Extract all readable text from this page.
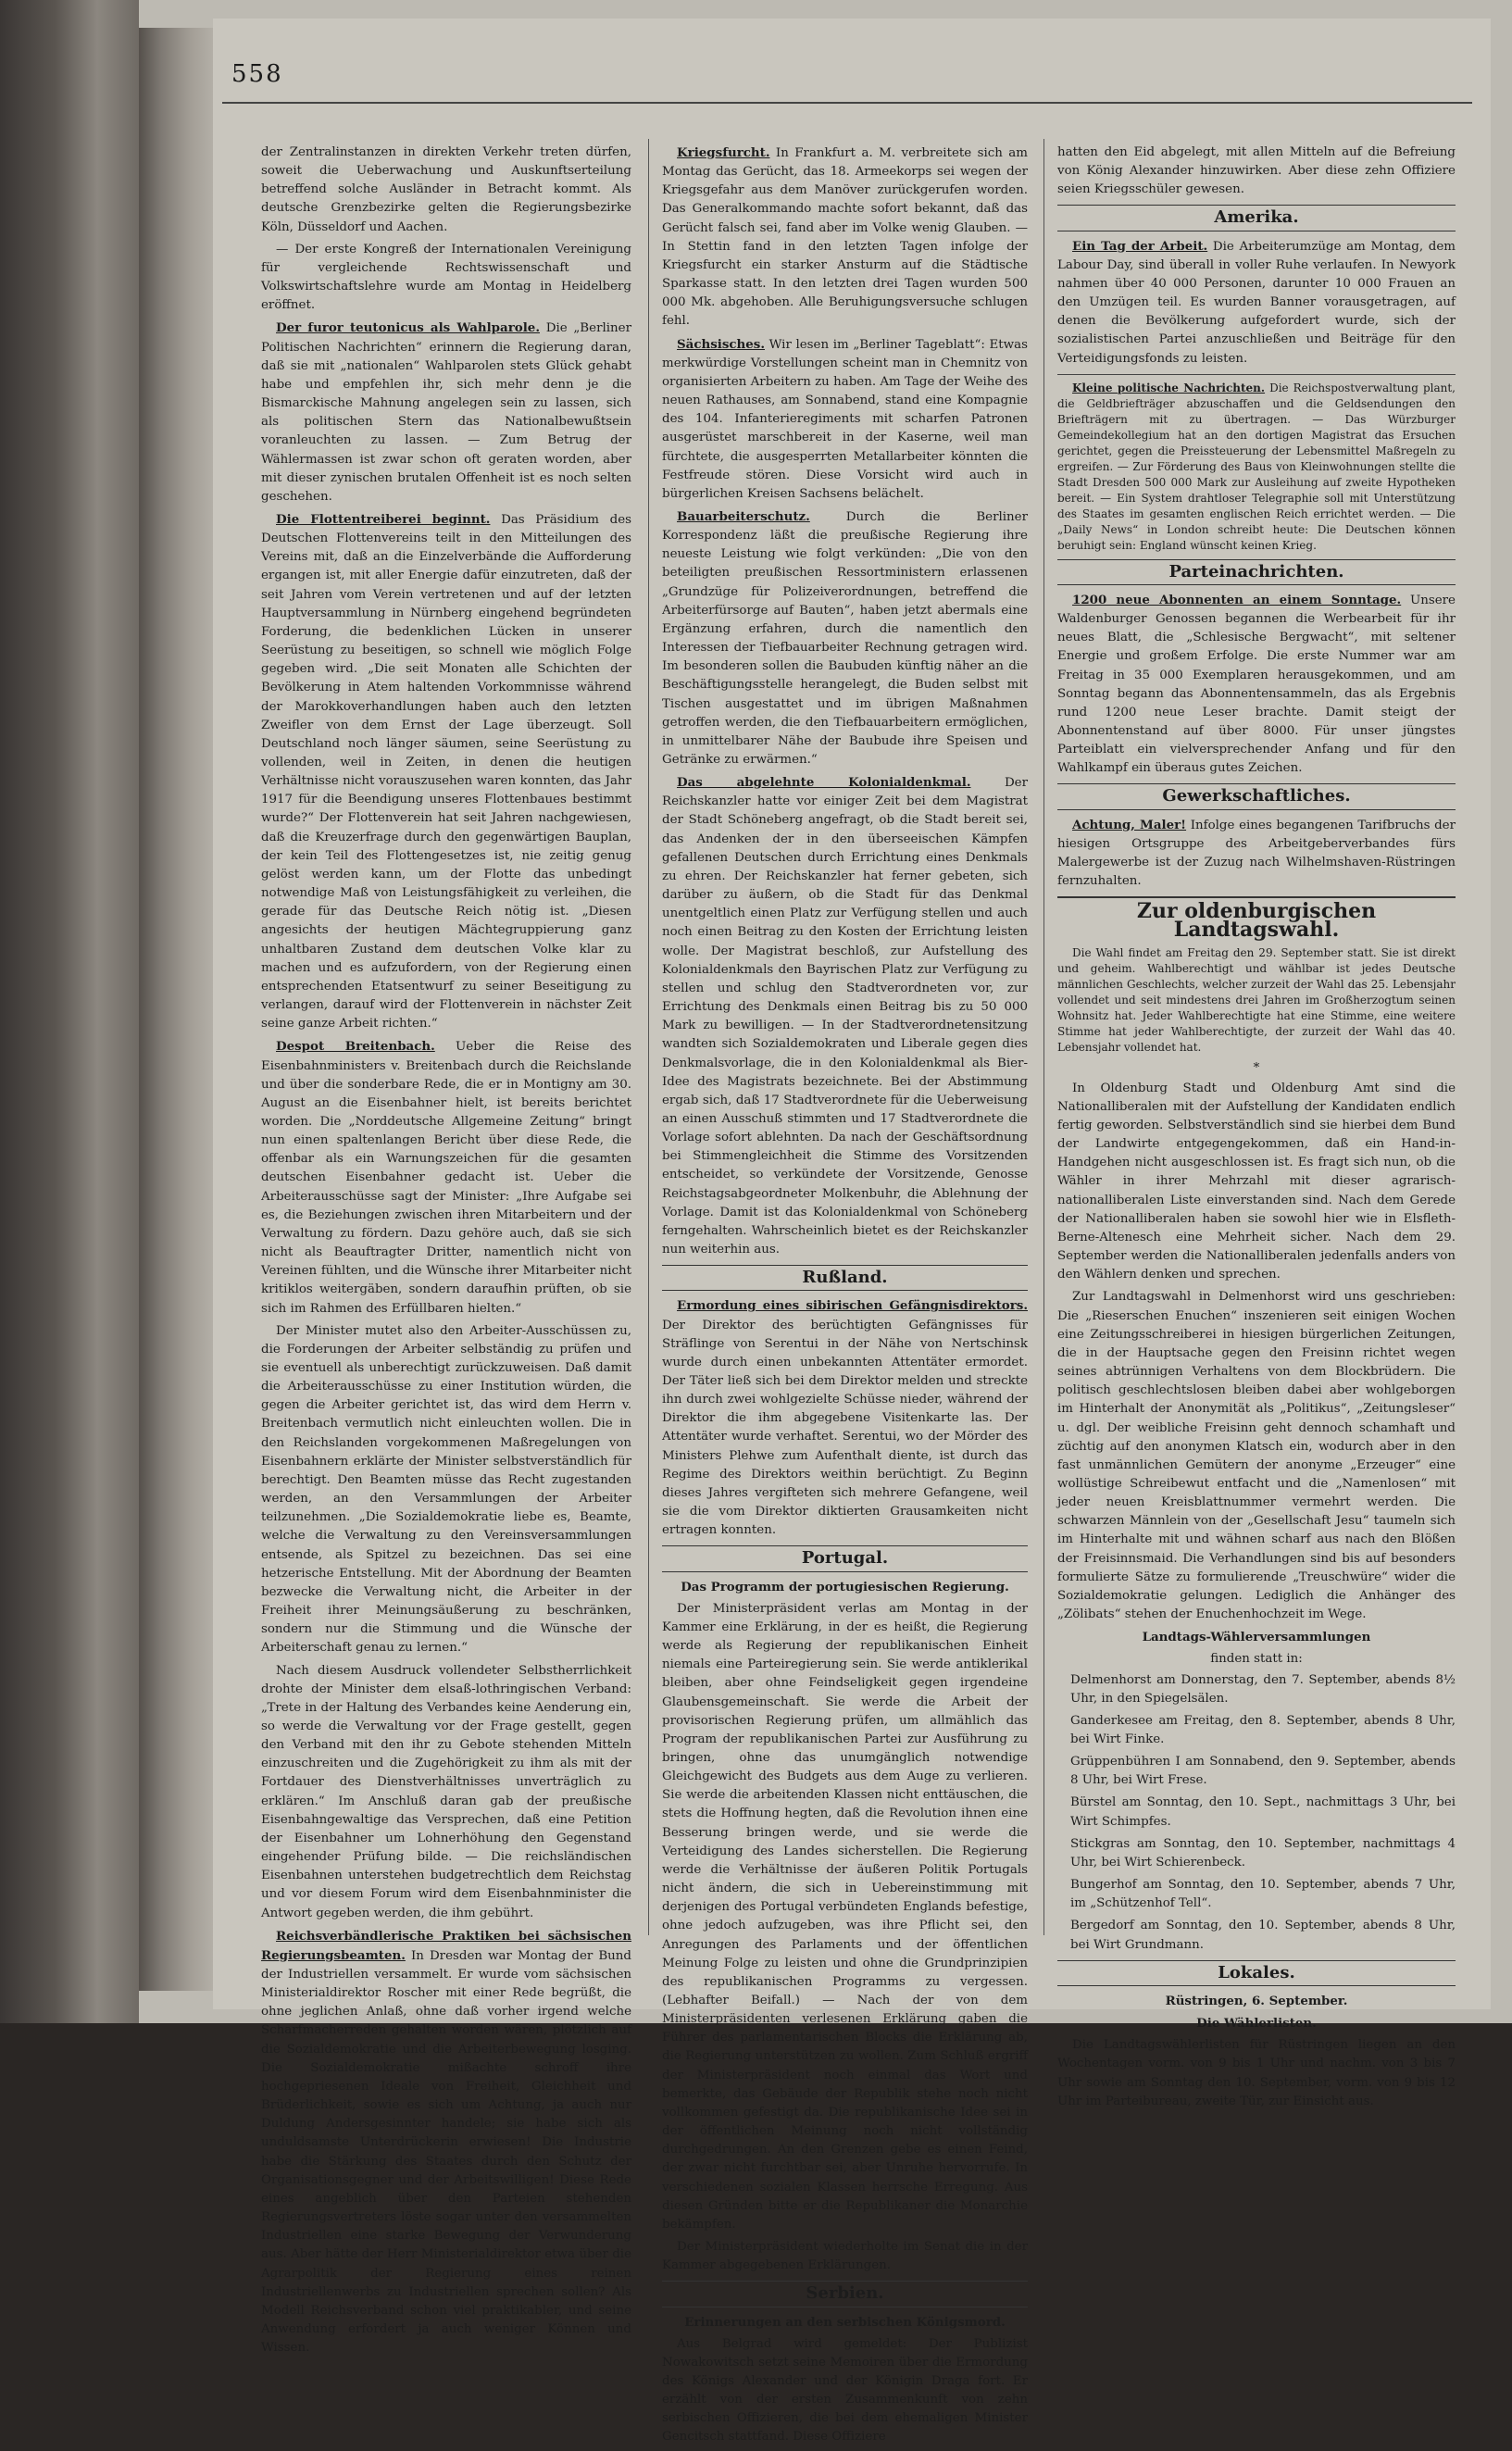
558

der Zentralinstanzen in direkten Verkehr treten dürfen, soweit die Ueberwachung und Auskunftserteilung betreffend solche Ausländer in Betracht kommt. Als deutsche Grenzbezirke gelten die Regierungsbezirke Köln, Düsseldorf und Aachen.

— Der erste Kongreß der Internationalen Vereinigung für vergleichende Rechtswissenschaft und Volkswirtschaftslehre wurde am Montag in Heidelberg eröffnet.

Der furor teutonicus als Wahlparole. Die „Berliner Politischen Nachrichten“ erinnern die Regierung daran, daß sie mit „nationalen“ Wahlparolen stets Glück gehabt habe und empfehlen ihr, sich mehr denn je die Bismarckische Mahnung angelegen sein zu lassen, sich als politischen Stern das Nationalbewußtsein voranleuchten zu lassen. — Zum Betrug der Wählermassen ist zwar schon oft geraten worden, aber mit dieser zynischen brutalen Offenheit ist es noch selten geschehen.

Die Flottentreiberei beginnt. Das Präsidium des Deutschen Flottenvereins teilt in den Mitteilungen des Vereins mit, daß an die Einzelverbände die Aufforderung ergangen ist, mit aller Energie dafür einzutreten, daß der seit Jahren vom Verein vertretenen und auf der letzten Hauptversammlung in Nürnberg eingehend begründeten Forderung, die bedenklichen Lücken in unserer Seerüstung zu beseitigen, so schnell wie möglich Folge gegeben wird. „Die seit Monaten alle Schichten der Bevölkerung in Atem haltenden Vorkommnisse während der Marokkoverhandlungen haben auch den letzten Zweifler von dem Ernst der Lage überzeugt. Soll Deutschland noch länger säumen, seine Seerüstung zu vollenden, weil in Zeiten, in denen die heutigen Verhältnisse nicht vorauszusehen waren konnten, das Jahr 1917 für die Beendigung unseres Flottenbaues bestimmt wurde?“ Der Flottenverein hat seit Jahren nachgewiesen, daß die Kreuzerfrage durch den gegenwärtigen Bauplan, der kein Teil des Flottengesetzes ist, nie zeitig genug gelöst werden kann, um der Flotte das unbedingt notwendige Maß von Leistungsfähigkeit zu verleihen, die gerade für das Deutsche Reich nötig ist. „Diesen angesichts der heutigen Mächtegruppierung ganz unhaltbaren Zustand dem deutschen Volke klar zu machen und es aufzufordern, von der Regierung einen entsprechenden Etatsentwurf zu seiner Beseitigung zu verlangen, darauf wird der Flottenverein in nächster Zeit seine ganze Arbeit richten.“

Despot Breitenbach. Ueber die Reise des Eisenbahnministers v. Breitenbach durch die Reichslande und über die sonderbare Rede, die er in Montigny am 30. August an die Eisenbahner hielt, ist bereits berichtet worden. Die „Norddeutsche Allgemeine Zeitung“ bringt nun einen spaltenlangen Bericht über diese Rede, die offenbar als ein Warnungszeichen für die gesamten deutschen Eisenbahner gedacht ist. Ueber die Arbeiterausschüsse sagt der Minister: „Ihre Aufgabe sei es, die Beziehungen zwischen ihren Mitarbeitern und der Verwaltung zu fördern. Dazu gehöre auch, daß sie sich nicht als Beauftragter Dritter, namentlich nicht von Vereinen fühlten, und die Wünsche ihrer Mitarbeiter nicht kritiklos weitergäben, sondern daraufhin prüften, ob sie sich im Rahmen des Erfüllbaren hielten.“

Der Minister mutet also den Arbeiter-Ausschüssen zu, die Forderungen der Arbeiter selbständig zu prüfen und sie eventuell als unberechtigt zurückzuweisen. Daß damit die Arbeiterausschüsse zu einer Institution würden, die gegen die Arbeiter gerichtet ist, das wird dem Herrn v. Breitenbach vermutlich nicht einleuchten wollen. Die in den Reichslanden vorgekommenen Maßregelungen von Eisenbahnern erklärte der Minister selbstverständlich für berechtigt. Den Beamten müsse das Recht zugestanden werden, an den Versammlungen der Arbeiter teilzunehmen. „Die Sozialdemokratie liebe es, Beamte, welche die Verwaltung zu den Vereinsversammlungen entsende, als Spitzel zu bezeichnen. Das sei eine hetzerische Entstellung. Mit der Abordnung der Beamten bezwecke die Verwaltung nicht, die Arbeiter in der Freiheit ihrer Meinungsäußerung zu beschränken, sondern nur die Stimmung und die Wünsche der Arbeiterschaft genau zu lernen.“

Nach diesem Ausdruck vollendeter Selbstherrlichkeit drohte der Minister dem elsaß-lothringischen Verband: „Trete in der Haltung des Verbandes keine Aenderung ein, so werde die Verwaltung vor der Frage gestellt, gegen den Verband mit den ihr zu Gebote stehenden Mitteln einzuschreiten und die Zugehörigkeit zu ihm als mit der Fortdauer des Dienstverhältnisses unverträglich zu erklären.“ Im Anschluß daran gab der preußische Eisenbahngewaltige das Versprechen, daß eine Petition der Eisenbahner um Lohnerhöhung den Gegenstand eingehender Prüfung bilde. — Die reichsländischen Eisenbahnen unterstehen budgetrechtlich dem Reichstag und vor diesem Forum wird dem Eisenbahnminister die Antwort gegeben werden, die ihm gebührt.

Reichsverbändlerische Praktiken bei sächsischen Regierungsbeamten. In Dresden war Montag der Bund der Industriellen versammelt. Er wurde vom sächsischen Ministerialdirektor Roscher mit einer Rede begrüßt, die ohne jeglichen Anlaß, ohne daß vorher irgend welche Scharfmacherreden gehalten worden wären, plötzlich auf die Sozialdemokratie und die Arbeiterbewegung losging. Die Sozialdemokratie mißachte schroff ihre hochgepriesenen Ideale von Freiheit, Gleichheit und Brüderlichkeit, sowie es sich um Achtung, ja auch nur Duldung Andersgesinnter handele; sie habe sich als unduldsamste Unterdrückerin erwiesen! Die Industrie habe die Stärkung des Staates durch den Schutz der Organisationsgegner und der Arbeitswilligen! Diese Rede eines angeblich über den Parteien stehenden Regierungsvertreters löste sogar unter den versammelten Industriellen eine starke Bewegung der Verwunderung aus. Aber hätte der Herr Ministerialdirektor etwa über die Agrarpolitik der Regierung eines reinen Industriellenwerbs zu Industriellen sprechen sollen? Als Modell Reichsverband schon viel praktikabler, und seine Anwendung erfordert ja auch weniger Können und Wissen.

Kriegsfurcht. In Frankfurt a. M. verbreitete sich am Montag das Gerücht, das 18. Armeekorps sei wegen der Kriegsgefahr aus dem Manöver zurückgerufen worden. Das Generalkommando machte sofort bekannt, daß das Gerücht falsch sei, fand aber im Volke wenig Glauben. — In Stettin fand in den letzten Tagen infolge der Kriegsfurcht ein starker Ansturm auf die Städtische Sparkasse statt. In den letzten drei Tagen wurden 500 000 Mk. abgehoben. Alle Beruhigungsversuche schlugen fehl.

Sächsisches. Wir lesen im „Berliner Tageblatt“: Etwas merkwürdige Vorstellungen scheint man in Chemnitz von organisierten Arbeitern zu haben. Am Tage der Weihe des neuen Rathauses, am Sonnabend, stand eine Kompagnie des 104. Infanterieregiments mit scharfen Patronen ausgerüstet marschbereit in der Kaserne, weil man fürchtete, die ausgesperrten Metallarbeiter könnten die Festfreude stören. Diese Vorsicht wird auch in bürgerlichen Kreisen Sachsens belächelt.

Bauarbeiterschutz.	Durch die Berliner Korrespondenz läßt die preußische Regierung ihre neueste Leistung wie folgt verkünden: „Die von den beteiligten preußischen Ressortministern erlassenen „Grundzüge für Polizeiverordnungen, betreffend die Arbeiterfürsorge auf Bauten“, haben jetzt abermals eine Ergänzung erfahren, durch die namentlich den Interessen der Tiefbauarbeiter Rechnung getragen wird. Im besonderen sollen die Baubuden künftig näher an die Beschäftigungsstelle herangelegt, die Buden selbst mit Tischen ausgestattet und im übrigen Maßnahmen getroffen werden, die den Tiefbauarbeitern ermöglichen, in unmittelbarer Nähe der Baubude ihre Speisen und Getränke zu erwärmen.“

Das abgelehnte Kolonialdenkmal.	Der Reichskanzler hatte vor einiger Zeit bei dem Magistrat der Stadt Schöneberg angefragt, ob die Stadt bereit sei, das Andenken der in den überseeischen Kämpfen gefallenen Deutschen durch Errichtung eines Denkmals zu ehren. Der Reichskanzler hat ferner gebeten, sich darüber zu äußern, ob die Stadt für das Denkmal unentgeltlich einen Platz zur Verfügung stellen und auch noch einen Beitrag zu den Kosten der Errichtung leisten wolle. Der Magistrat beschloß, zur Aufstellung des Kolonialdenkmals den Bayrischen Platz zur Verfügung zu stellen und schlug den Stadtverordneten vor, zur Errichtung des Denkmals einen Beitrag bis zu 50 000 Mark zu bewilligen. — In der Stadtverordnetensitzung wandten sich Sozialdemokraten und Liberale gegen dies Denkmalsvorlage, die in den Kolonialdenkmal als Bier-Idee des Magistrats bezeichnete. Bei der Abstimmung ergab sich, daß 17 Stadtverordnete für die Ueberweisung an einen Ausschuß stimmten und 17 Stadtverordnete die Vorlage sofort ablehnten. Da nach der Geschäftsordnung bei Stimmengleichheit die Stimme des Vorsitzenden entscheidet, so verkündete der Vorsitzende, Genosse Reichstagsabgeordneter Molkenbuhr, die Ablehnung der Vorlage. Damit ist das Kolonialdenkmal von Schöneberg ferngehalten. Wahrscheinlich bietet es der Reichskanzler nun weiterhin aus.

Rußland.

Ermordung eines sibirischen Gefängnisdirektors. Der Direktor des berüchtigten Gefängnisses für Sträflinge von Serentui in der Nähe von Nertschinsk wurde durch einen unbekannten Attentäter ermordet. Der Täter ließ sich bei dem Direktor melden und streckte ihn durch zwei wohlgezielte Schüsse nieder, während der Direktor die ihm abgegebene Visitenkarte las. Der Attentäter wurde verhaftet. Serentui, wo der Mörder des Ministers Plehwe zum Aufenthalt diente, ist durch das Regime des Direktors weithin berüchtigt. Zu Beginn dieses Jahres vergifteten sich mehrere Gefangene, weil sie die vom Direktor diktierten Grausamkeiten nicht ertragen konnten.

Portugal.
Das Programm der portugiesischen Regierung.

Der Ministerpräsident verlas am Montag in der Kammer eine Erklärung, in der es heißt, die Regierung werde als Regierung der republikanischen Einheit niemals eine Parteiregierung sein. Sie werde antiklerikal bleiben, aber ohne Feindseligkeit gegen irgendeine Glaubensgemeinschaft. Sie werde die Arbeit der provisorischen Regierung prüfen, um allmählich das Program der republikanischen Partei zur Ausführung zu bringen, ohne das unumgänglich notwendige Gleichgewicht des Budgets aus dem Auge zu verlieren. Sie werde die arbeitenden Klassen nicht enttäuschen, die stets die Hoffnung hegten, daß die Revolution ihnen eine Besserung bringen werde, und sie werde die Verteidigung des Landes sicherstellen. Die Regierung werde die Verhältnisse der äußeren Politik Portugals nicht ändern, die sich in Uebereinstimmung mit derjenigen des Portugal verbündeten Englands befestige, ohne jedoch aufzugeben, was ihre Pflicht sei, den Anregungen des Parlaments und der öffentlichen Meinung Folge zu leisten und ohne die Grundprinzipien des republikanischen Programms zu vergessen. (Lebhafter Beifall.) — Nach der von dem Ministerpräsidenten verlesenen Erklärung gaben die Führer des parlamentarischen Blocks die Erklärung ab, die Regierung unterstützen zu wollen. Zum Schluß ergriff der Ministerpräsident noch einmal das Wort und bemerkte, das Gebäude der Republik stehe noch nicht vollkommen gefestigt da. Die republikanische Idee sei in der öffentlichen Meinung noch nicht vollständig durchgedrungen. An den Grenzen gebe es einen Feind, der zwar nicht furchtbar sei, aber Unruhe hervorrufe. In verschiedenen sozialen Klassen herrsche Erregung. Aus diesen Gründen bitte er die Republikaner die Monarchie bekämpfen.

Der Ministerpräsident wiederholte im Senat die in der Kammer abgegebenen Erklärungen.

Serbien.
Erinnerungen an den serbischen Königsmord.

Aus Belgrad wird gemeldet: Der Publizist Nowakowitsch setzt seine Memoiren über die Ermordung des Königs Alexander und der Königin Draga fort. Er erzählt von der ersten Zusammenkunft von zehn serbischen Offizieren, die bei dem ehemaligen Minister Gencitsch stattfand. Diese Offiziere

hatten den Eid abgelegt, mit allen Mitteln auf die Befreiung von König Alexander hinzuwirken. Aber diese zehn Offiziere seien Kriegsschüler gewesen.

Amerika.

Ein Tag der Arbeit. Die Arbeiterumzüge am Montag, dem Labour Day, sind überall in voller Ruhe verlaufen. In Newyork nahmen über 40 000 Personen, darunter 10 000 Frauen an den Umzügen teil. Es wurden Banner vorausgetragen, auf denen die Bevölkerung aufgefordert wurde, sich der sozialistischen Partei anzuschließen und Beiträge für den Verteidigungsfonds zu leisten.

Kleine politische Nachrichten. Die Reichspostverwaltung plant, die Geldbriefträger abzuschaffen und die Geldsendungen den Briefträgern mit zu übertragen. — Das Würzburger Gemeindekollegium hat an den dortigen Magistrat das Ersuchen gerichtet, gegen die Preissteuerung der Lebensmittel Maßregeln zu ergreifen. — Zur Förderung des Baus von Kleinwohnungen stellte die Stadt Dresden 500 000 Mark zur Ausleihung auf zweite Hypotheken bereit. — Ein System drahtloser Telegraphie soll mit Unterstützung des Staates im gesamten englischen Reich errichtet werden. — Die „Daily News“ in London schreibt heute: Die Deutschen können beruhigt sein: England wünscht keinen Krieg.

Parteinachrichten.

1200 neue Abonnenten an einem Sonntage. Unsere Waldenburger Genossen begannen die Werbearbeit für ihr neues Blatt, die „Schlesische Bergwacht“, mit seltener Energie und großem Erfolge. Die erste Nummer war am Freitag in 35 000 Exemplaren herausgekommen, und am Sonntag begann das Abonnentensammeln, das als Ergebnis rund 1200 neue Leser brachte. Damit steigt der Abonnentenstand auf über 8000. Für unser jüngstes Parteiblatt ein vielversprechender Anfang und für den Wahlkampf ein überaus gutes Zeichen.

Gewerkschaftliches.

Achtung, Maler! Infolge eines begangenen Tarifbruchs der hiesigen Ortsgruppe des Arbeitgeberverbandes fürs Malergewerbe ist der Zuzug nach Wilhelmshaven-Rüstringen fernzuhalten.

Zur oldenburgischen Landtagswahl.

Die Wahl findet am Freitag den 29. September statt. Sie ist direkt und geheim. Wahlberechtigt und wählbar ist jedes Deutsche männlichen Geschlechts, welcher zurzeit der Wahl das 25. Lebensjahr vollendet und seit mindestens drei Jahren im Großherzogtum seinen Wohnsitz hat. Jeder Wahlberechtigte hat eine Stimme, eine weitere Stimme hat jeder Wahlberechtigte, der zurzeit der Wahl das 40. Lebensjahr vollendet hat.

*

In Oldenburg Stadt und Oldenburg Amt sind die Nationalliberalen mit der Aufstellung der Kandidaten endlich fertig geworden. Selbstverständlich sind sie hierbei dem Bund der Landwirte entgegengekommen, daß ein Hand-in-Handgehen nicht ausgeschlossen ist. Es fragt sich nun, ob die Wähler in ihrer Mehrzahl mit dieser agrarisch-nationalliberalen Liste einverstanden sind. Nach dem Gerede der Nationalliberalen haben sie sowohl hier wie in Elsfleth-Berne-Altenesch eine Mehrheit sicher. Nach dem 29. September werden die Nationalliberalen jedenfalls anders von den Wählern denken und sprechen.

Zur Landtagswahl in Delmenhorst wird uns geschrieben: Die „Rieserschen Enuchen“ inszenieren seit einigen Wochen eine Zeitungsschreiberei in hiesigen bürgerlichen Zeitungen, die in der Hauptsache gegen den Freisinn richtet wegen seines abtrünnigen Verhaltens von dem Blockbrüdern. Die politisch geschlechtslosen bleiben dabei aber wohlgeborgen im Hinterhalt der Anonymität als „Politikus“, „Zeitungsleser“ u. dgl. Der weibliche Freisinn geht dennoch schamhaft und züchtig auf den anonymen Klatsch ein, wodurch aber in den fast unmännlichen Gemütern der anonyme „Erzeuger“ eine wollüstige Schreibewut entfacht und die „Namenlosen“ mit jeder neuen Kreisblattnummer vermehrt werden. Die schwarzen Männlein von der „Gesellschaft Jesu“ taumeln sich im Hinterhalte mit und wähnen scharf aus nach den Blößen der Freisinnsmaid. Die Verhandlungen sind bis auf besonders formulierte Sätze zu formulierende „Treuschwüre“ wider die Sozialdemokratie gelungen. Lediglich die Anhänger des „Zölibats“ stehen der Enuchenhochzeit im Wege.

Landtags-Wählerversammlungen
finden statt in:

Delmenhorst am Donnerstag, den 7. September, abends 8½ Uhr, in den Spiegelsälen.

Ganderkesee am Freitag, den 8. September, abends 8 Uhr, bei Wirt Finke.

Grüppenbühren I am Sonnabend, den 9. September, abends 8 Uhr, bei Wirt Frese.

Bürstel am Sonntag, den 10. Sept., nachmittags 3 Uhr, bei Wirt Schimpfes.

Stickgras am Sonntag, den 10. September, nachmittags 4 Uhr, bei Wirt Schierenbeck.

Bungerhof am Sonntag, den 10. September, abends 7 Uhr, im „Schützenhof Tell“.

Bergedorf am Sonntag, den 10. September, abends 8 Uhr, bei Wirt Grundmann.

Lokales.
Rüstringen, 6. September.
Die Wählerlisten.

Die Landtagswählerlisten für Rüstringen liegen an den Wochentagen vorm. von 9 bis 1 Uhr und nachm. von 3 bis 7 Uhr sowie am Sonntag den 10. September, vorm. von 9 bis 12 Uhr im Parteibureau, zweite Tür, zur Einsicht aus.
